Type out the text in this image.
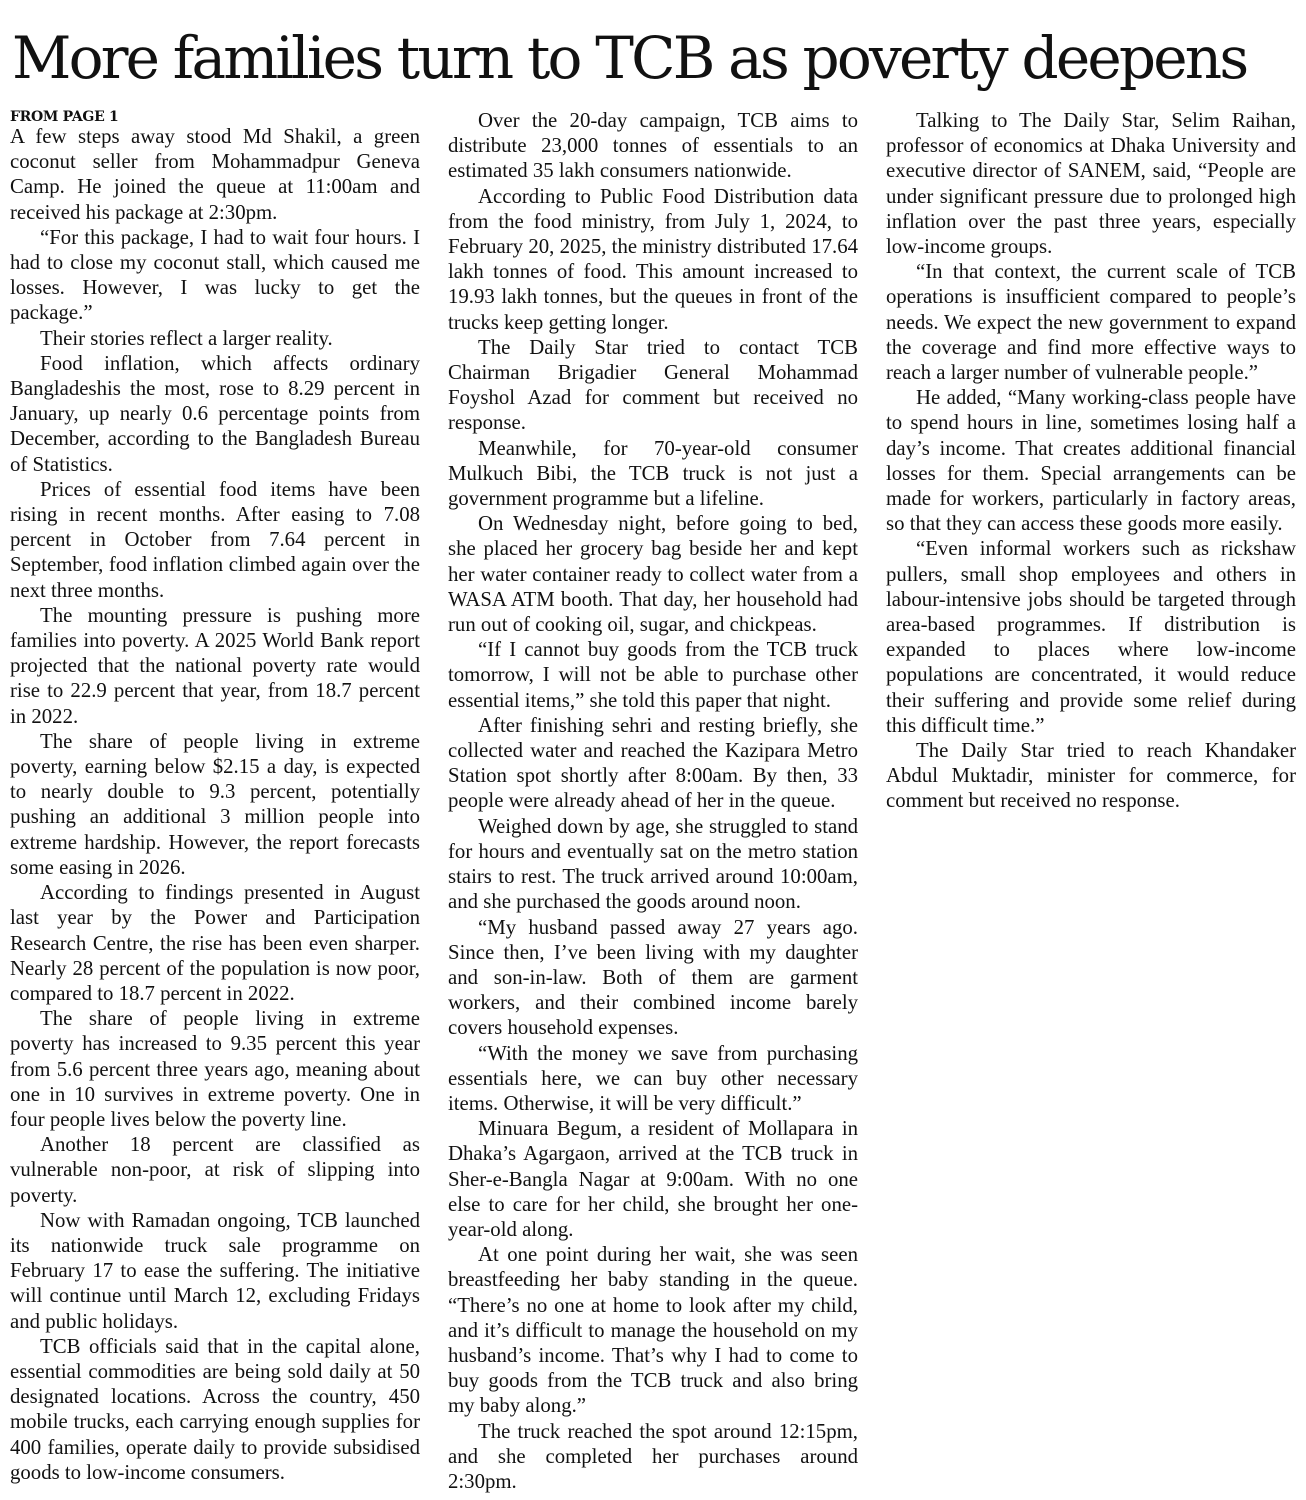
More families turn to TCB as poverty deepens
FROM PAGE 1

A few steps away stood Md Shakil, a green coconut seller from Mohammadpur Geneva Camp. He joined the queue at 11:00am and received his package at 2:30pm.

“For this package, I had to wait four hours. I had to close my coconut stall, which caused me losses. However, I was lucky to get the package.”

Their stories reflect a larger reality.

Food inflation, which affects ordinary Bangladeshis the most, rose to 8.29 percent in January, up nearly 0.6 percentage points from December, according to the Bangladesh Bureau of Statistics.

Prices of essential food items have been rising in recent months. After easing to 7.08 percent in October from 7.64 percent in September, food inflation climbed again over the next three months.

The mounting pressure is pushing more families into poverty. A 2025 World Bank report projected that the national poverty rate would rise to 22.9 percent that year, from 18.7 percent in 2022.

The share of people living in extreme poverty, earning below $2.15 a day, is expected to nearly double to 9.3 percent, potentially pushing an additional 3 million people into extreme hardship. However, the report forecasts some easing in 2026.

According to findings presented in August last year by the Power and Participation Research Centre, the rise has been even sharper. Nearly 28 percent of the population is now poor, compared to 18.7 percent in 2022.

The share of people living in extreme poverty has increased to 9.35 percent this year from 5.6 percent three years ago, meaning about one in 10 survives in extreme poverty. One in four people lives below the poverty line.

Another 18 percent are classified as vulnerable non-poor, at risk of slipping into poverty.

Now with Ramadan ongoing, TCB launched its nationwide truck sale programme on February 17 to ease the suffering. The initiative will continue until March 12, excluding Fridays and public holidays.

TCB officials said that in the capital alone, essential commodities are being sold daily at 50 designated locations. Across the country, 450 mobile trucks, each carrying enough supplies for 400 families, operate daily to provide subsidised goods to low-income consumers.

Over the 20-day campaign, TCB aims to distribute 23,000 tonnes of essentials to an estimated 35 lakh consumers nationwide.

According to Public Food Distribution data from the food ministry, from July 1, 2024, to February 20, 2025, the ministry distributed 17.64 lakh tonnes of food. This amount increased to 19.93 lakh tonnes, but the queues in front of the trucks keep getting longer.

The Daily Star tried to contact TCB Chairman Brigadier General Mohammad Foyshol Azad for comment but received no response.

Meanwhile, for 70-year-old consumer Mulkuch Bibi, the TCB truck is not just a government programme but a lifeline.

On Wednesday night, before going to bed, she placed her grocery bag beside her and kept her water container ready to collect water from a WASA ATM booth. That day, her household had run out of cooking oil, sugar, and chickpeas.

“If I cannot buy goods from the TCB truck tomorrow, I will not be able to purchase other essential items,” she told this paper that night.

After finishing sehri and resting briefly, she collected water and reached the Kazipara Metro Station spot shortly after 8:00am. By then, 33 people were already ahead of her in the queue.

Weighed down by age, she struggled to stand for hours and eventually sat on the metro station stairs to rest. The truck arrived around 10:00am, and she purchased the goods around noon.

“My husband passed away 27 years ago. Since then, I’ve been living with my daughter and son-in-law. Both of them are garment workers, and their combined income barely covers household expenses.

“With the money we save from purchasing essentials here, we can buy other necessary items. Otherwise, it will be very difficult.”

Minuara Begum, a resident of Mollapara in Dhaka’s Agargaon, arrived at the TCB truck in Sher-e-Bangla Nagar at 9:00am. With no one else to care for her child, she brought her one-year-old along.

At one point during her wait, she was seen breastfeeding her baby standing in the queue. “There’s no one at home to look after my child, and it’s difficult to manage the household on my husband’s income. That’s why I had to come to buy goods from the TCB truck and also bring my baby along.”

The truck reached the spot around 12:15pm, and she completed her purchases around 2:30pm.

Talking to The Daily Star, Selim Raihan, professor of economics at Dhaka University and executive director of SANEM, said, “People are under significant pressure due to prolonged high inflation over the past three years, especially low-income groups.

“In that context, the current scale of TCB operations is insufficient compared to people’s needs. We expect the new government to expand the coverage and find more effective ways to reach a larger number of vulnerable people.”

He added, “Many working-class people have to spend hours in line, sometimes losing half a day’s income. That creates additional financial losses for them. Special arrangements can be made for workers, particularly in factory areas, so that they can access these goods more easily.

“Even informal workers such as rickshaw pullers, small shop employees and others in labour-intensive jobs should be targeted through area-based programmes. If distribution is expanded to places where low-income populations are concentrated, it would reduce their suffering and provide some relief during this difficult time.”

The Daily Star tried to reach Khandaker Abdul Muktadir, minister for commerce, for comment but received no response.
